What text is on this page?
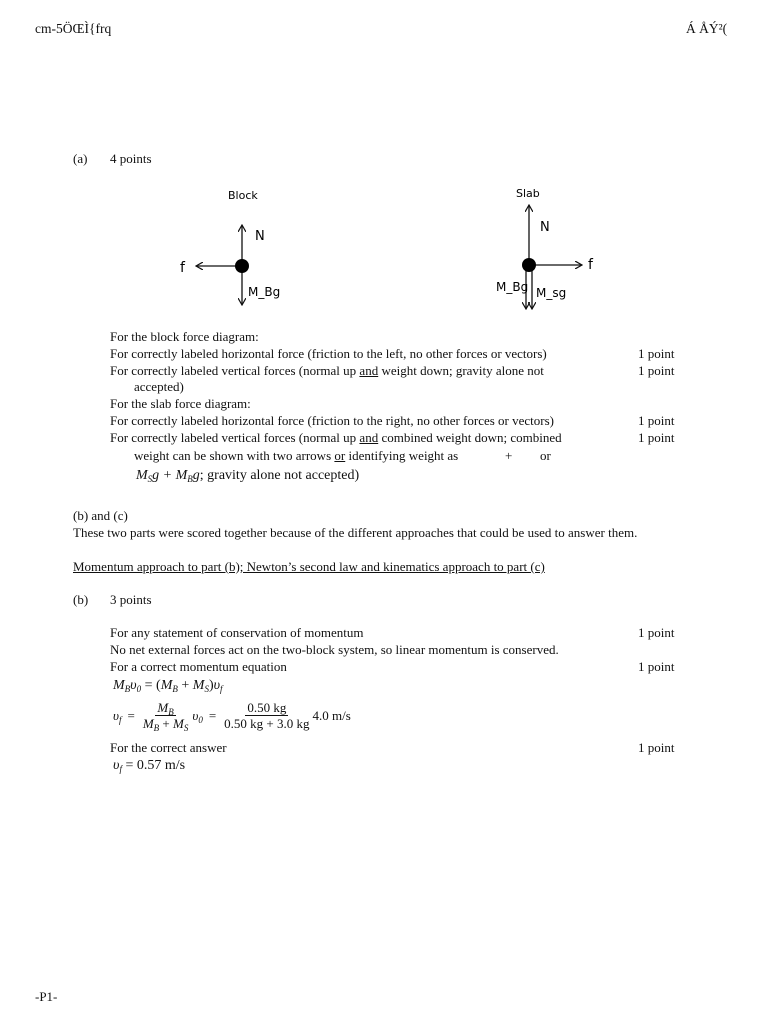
cm-5ÖŒÌ{frq	Á ÅÝ²(
(a) 4 points
Block
N
f
M_Bg
Slab
N
f
M_Bg M_sg
For the block force diagram:
For correctly labeled horizontal force (friction to the left, no other forces or vectors)	1 point
For correctly labeled vertical forces (normal up and weight down; gravity alone not	1 point
accepted)
For the slab force diagram:
For correctly labeled horizontal force (friction to the right, no other forces or vectors)	1 point
For correctly labeled vertical forces (normal up and combined weight down; combined	1 point
weight can be shown with two arrows or identifying weight as	+ or
$M_Sg + M_Bg$; gravity alone not accepted)
(b) and (c)
These two parts were scored together because of the different approaches that could be used to answer them.
Momentum approach to part (b); Newton’s second law and kinematics approach to part (c)
(b) 3 points
For any statement of conservation of momentum	1 point
No net external forces act on the two-block system, so linear momentum is conserved.
For a correct momentum equation	1 point
$M_B\upsilon_0 = (M_B + M_S)\upsilon_f$
$\upsilon_f = \frac{M_B}{M_B + M_S} \upsilon_0 = \frac{0.50 kg}{0.50 kg + 3.0 kg} 4.0$ m/s
For the correct answer	1 point
$\upsilon_f = 0.57$ m/s
-P1-
